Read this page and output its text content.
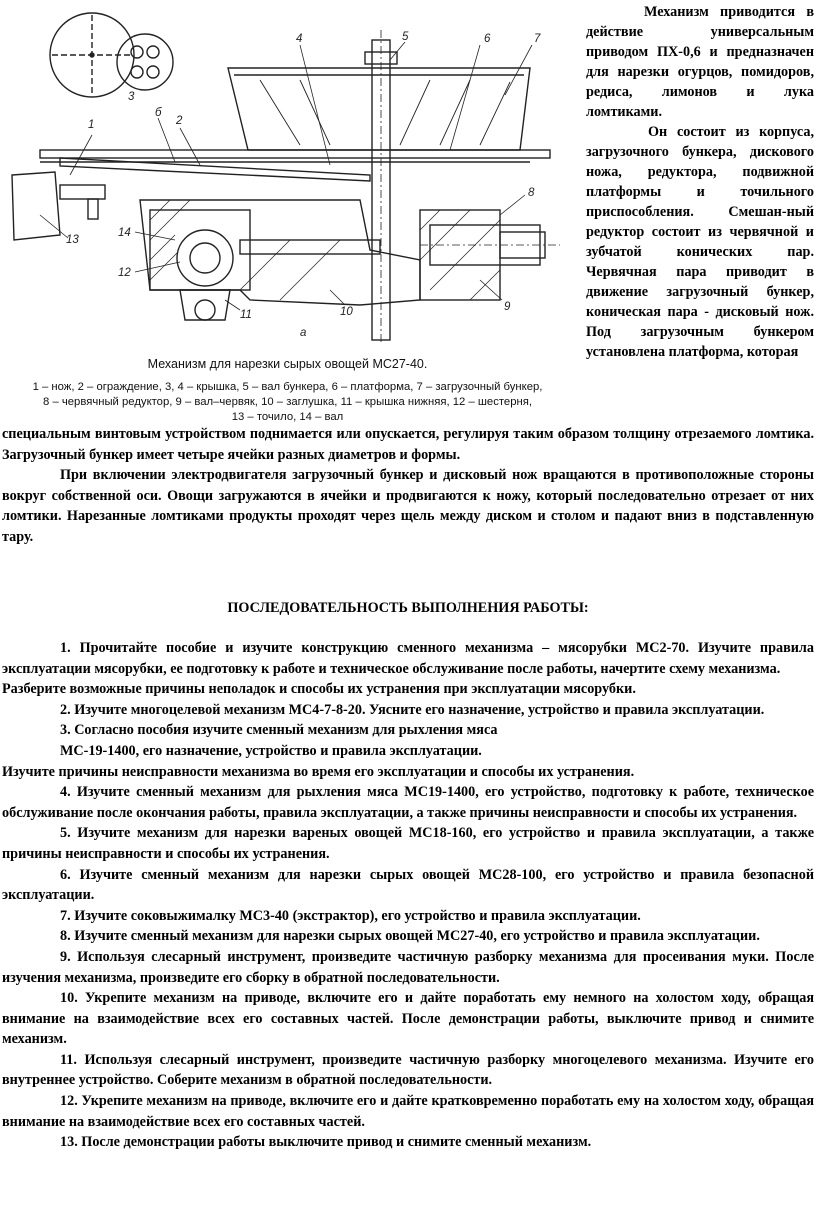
1	2
3
4	5	6	7
8
9
10
11
12
13
14
б
а
Механизм для нарезки сырых овощей МС27-40.
1 – нож, 2 – ограждение, 3, 4 – крышка, 5 – вал бункера, 6 – платформа, 7 – загрузочный бункер,
8 – червячный редуктор, 9 – вал–червяк, 10 – заглушка, 11 – крышка нижняя, 12 – шестерня,
13 – точило, 14 – вал

Механизм приводится в действие универсальным приводом ПХ-0,6 и предназначен для нарезки огурцов, помидоров, редиса, лимонов и лука ломтиками.

Он состоит из корпуса, загрузочного бункера, дискового ножа, редуктора, подвижной платформы и точильного приспособления. Смешан-ный редуктор состоит из червячной и зубчатой конических пар. Червячная пара приводит в движение загрузочный бункер, коническая пара - дисковый нож. Под загрузочным бункером установлена платформа, которая

специальным винтовым устройством поднимается или опускается, регулируя таким образом толщину отрезаемого ломтика. Загрузочный бункер имеет четыре ячейки разных диаметров и формы.

При включении электродвигателя загрузочный бункер и дисковый нож вращаются в противоположные стороны вокруг собственной оси. Овощи загружаются в ячейки и продвигаются к ножу, который последовательно отрезает от них ломтики. Нарезанные ломтиками продукты проходят через щель между диском и столом и падают вниз в подставленную тару.

ПОСЛЕДОВАТЕЛЬНОСТЬ ВЫПОЛНЕНИЯ РАБОТЫ:

1. Прочитайте пособие и изучите конструкцию сменного механизма – мясорубки МС2-70. Изучите правила эксплуатации мясорубки, ее подготовку к работе и техническое обслуживание после работы, начертите схему механизма.

Разберите возможные причины неполадок и способы их устранения при эксплуатации мясорубки.

2. Изучите многоцелевой механизм МС4-7-8-20. Уясните его назначение, устройство и правила эксплуатации.

3. Согласно пособия изучите сменный механизм для рыхления мяса

МС-19-1400, его назначение, устройство и правила эксплуатации.

Изучите причины неисправности механизма во время его эксплуатации и способы их устранения.

4. Изучите сменный механизм для рыхления мяса МС19-1400, его устройство, подготовку к работе, техническое обслуживание после окончания работы, правила эксплуатации, а также причины неисправности и способы их устранения.

5. Изучите механизм для нарезки вареных овощей МС18-160, его устройство и правила эксплуатации, а также причины неисправности и способы их устранения.

6. Изучите сменный механизм для нарезки сырых овощей МС28-100, его устройство и правила безопасной эксплуатации.

7. Изучите соковыжималку МС3-40 (экстрактор), его устройство и правила эксплуатации.

8. Изучите сменный механизм для нарезки сырых овощей МС27-40, его устройство и правила эксплуатации.

9. Используя слесарный инструмент, произведите частичную разборку механизма для просеивания муки. После изучения механизма, произведите его сборку в обратной последовательности.

10. Укрепите механизм на приводе, включите его и дайте поработать ему немного на холостом ходу, обращая внимание на взаимодействие всех его составных частей. После демонстрации работы, выключите привод и снимите механизм.

11. Используя слесарный инструмент, произведите частичную разборку многоцелевого механизма. Изучите его внутреннее устройство. Соберите механизм в обратной последовательности.

12. Укрепите механизм на приводе, включите его и дайте кратковременно поработать ему на холостом ходу, обращая внимание на взаимодействие всех его составных частей.

13. После демонстрации работы выключите привод и снимите сменный механизм.
